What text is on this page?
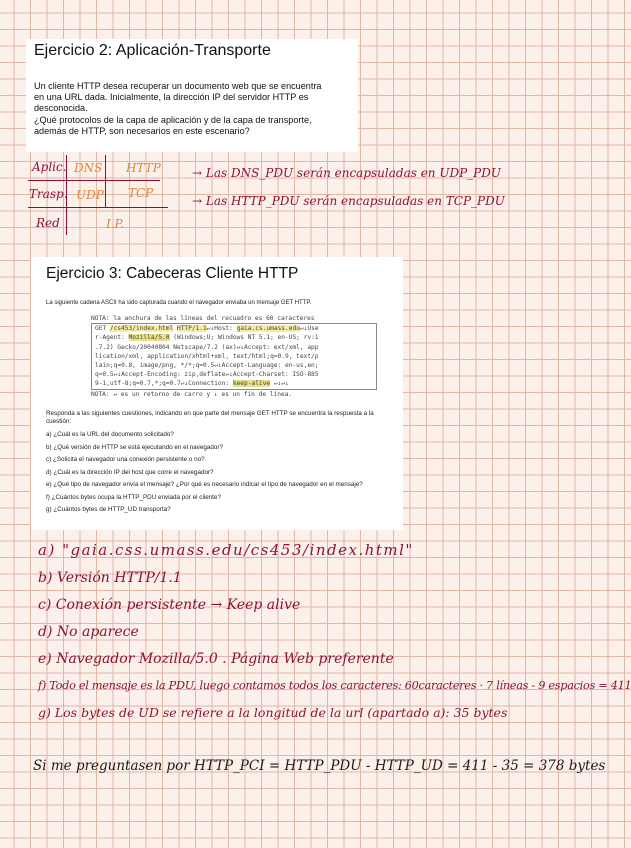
Ejercicio 2: Aplicación-Transporte
Un cliente HTTP desea recuperar un documento web que se encuentra
en una URL dada. Inicialmente, la dirección IP del servidor HTTP es
desconocida.
¿Qué protocolos de la capa de aplicación y de la capa de transporte,
además de HTTP, son necesarios en este escenario?
Aplic.
Trasp.
Red
DNS HTTP
UDP TCP
I.P.
→ Las DNS_PDU serán encapsuladas en UDP_PDU
→ Las HTTP_PDU serán encapsuladas en TCP_PDU
Ejercicio 3: Cabeceras Cliente HTTP
La siguiente cadena ASCII ha sido capturada cuando el navegador enviaba un mensaje GET HTTP.
NOTA: la anchura de las líneas del recuadro es 60 caracteres
GET /cs453/index.html HTTP/1.1↵↓Host: gaia.cs.umass.edu↵↓Use
r-Agent: Mozilla/5.0 (Windows;U; Windows NT 5.1; en-US; rv:1
.7.2) Gecko/20040804 Netscape/7.2 (ax)↵↓Accept: ext/xml, app
lication/xml, application/xhtml+xml, text/html;q=0.9, text/p
lain;q=0.8, image/png, */*;q=0.5↵↓Accept-Language: en-us,en;
q=0.5↵↓Accept-Encoding: zip,deflate↵↓Accept-Charset: ISO-885
9-1,utf-8;q=0.7,*;q=0.7↵↓Connection: keep-alive ↵↓↵↓
NOTA: ↵ es un retorno de carro y ↓ es un fin de línea.
Responda a las siguientes cuestiones, indicando en que parte del mensaje GET HTTP se encuentra la respuesta a la cuestión:
a) ¿Cuál es la URL del documento solicitado?
b) ¿Qué versión de HTTP se está ejecutando en el navegador?
c) ¿Solicita el navegador una conexión persistente o no?
d) ¿Cuál es la dirección IP del host que corre el navegador?
e) ¿Qué tipo de navegador envía el mensaje? ¿Por qué es necesario indicar el tipo de navegador en el mensaje?
f) ¿Cuántos bytes ocupa la HTTP_PDU enviada por el cliente?
g) ¿Cuántos bytes de HTTP_UD transporta?
a) "gaia.css.umass.edu/cs453/index.html"
b) Versión HTTP/1.1
c) Conexión persistente → Keep alive
d) No aparece
e) Navegador Mozilla/5.0 . Página Web preferente
f) Todo el mensaje es la PDU, luego contamos todos los caracteres: 60caracteres · 7 líneas - 9 espacios = 411
g) Los bytes de UD se refiere a la longitud de la url (apartado a): 35 bytes
Si me preguntasen por HTTP_PCI = HTTP_PDU - HTTP_UD = 411 - 35 = 378 bytes
